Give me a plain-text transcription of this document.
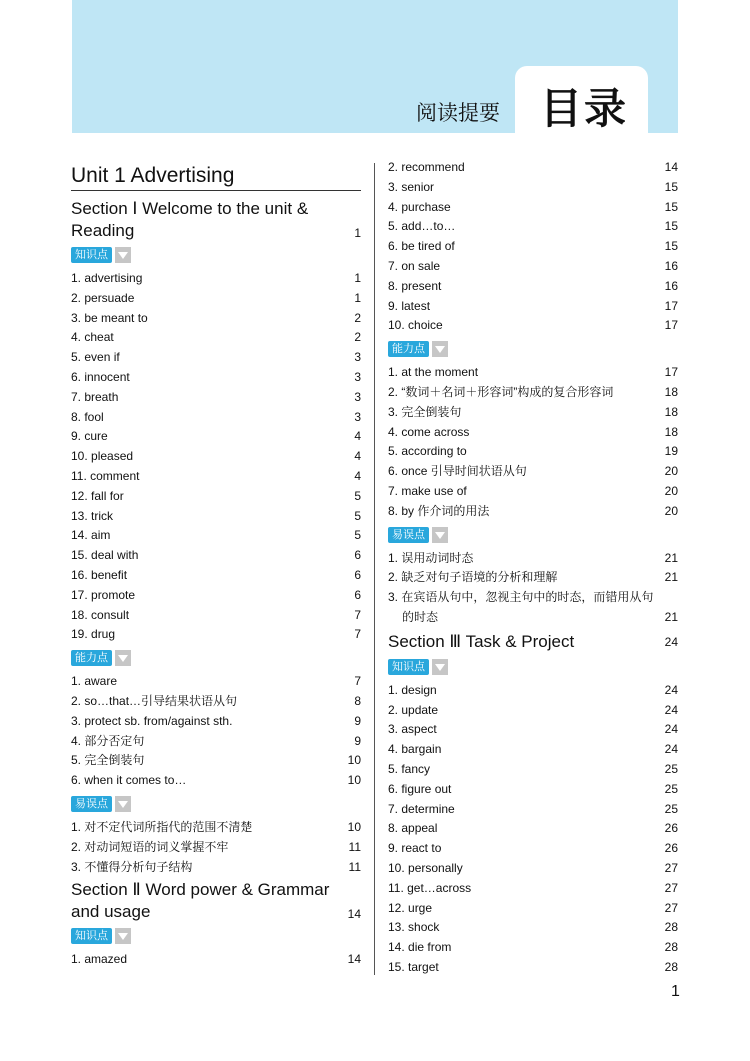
阅读提要 目录
Unit 1 Advertising
Section Ⅰ Welcome to the unit &
Reading	1
知识点
1. advertising	1
2. persuade	1
3. be meant to	2
4. cheat	2
5. even if	3
6. innocent	3
7. breath	3
8. fool	3
9. cure	4
10. pleased	4
11. comment	4
12. fall for	5
13. trick	5
14. aim	5
15. deal with	6
16. benefit	6
17. promote	6
18. consult	7
19. drug	7
能力点
1. aware	7
2. so…that…引导结果状语从句	8
3. protect sb. from/against sth.	9
4. 部分否定句	9
5. 完全倒装句	10
6. when it comes to…	10
易误点
1. 对不定代词所指代的范围不清楚	10
2. 对动词短语的词义掌握不牢	11
3. 不懂得分析句子结构	11
Section Ⅱ Word power & Grammar
and usage	14
知识点
1. amazed	14
2. recommend	14
3. senior	15
4. purchase	15
5. add…to…	15
6. be tired of	15
7. on sale	16
8. present	16
9. latest	17
10. choice	17
能力点
1. at the moment	17
2. “数词＋名词＋形容词”构成的复合形容词	18
3. 完全倒装句	18
4. come across	18
5. according to	19
6. once 引导时间状语从句	20
7. make use of	20
8. by 作介词的用法	20
易误点
1. 误用动词时态	21
2. 缺乏对句子语境的分析和理解	21
3. 在宾语从句中，忽视主句中的时态，而错用从句
的时态	21
Section Ⅲ Task & Project	24
知识点
1. design	24
2. update	24
3. aspect	24
4. bargain	24
5. fancy	25
6. figure out	25
7. determine	25
8. appeal	26
9. react to	26
10. personally	27
11. get…across	27
12. urge	27
13. shock	28
14. die from	28
15. target	28
1
